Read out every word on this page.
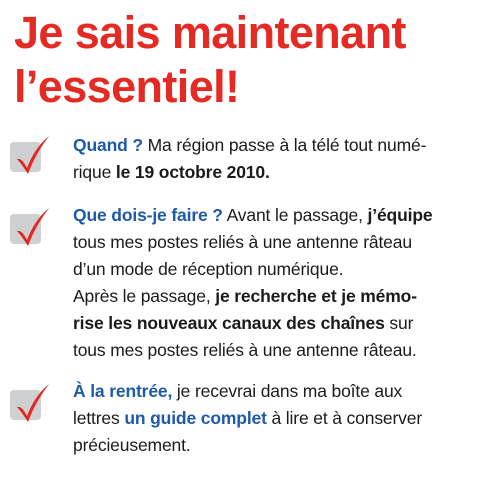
Je sais maintenant
l’essentiel!
Quand ? Ma région passe à la télé tout numé-
rique le 19 octobre 2010.
Que dois-je faire ? Avant le passage, j’équipe
tous mes postes reliés à une antenne râteau
d’un mode de réception numérique.
Après le passage, je recherche et je mémo-
rise les nouveaux canaux des chaînes sur
tous mes postes reliés à une antenne râteau.
À la rentrée, je recevrai dans ma boîte aux
lettres un guide complet à lire et à conserver
précieusement.
